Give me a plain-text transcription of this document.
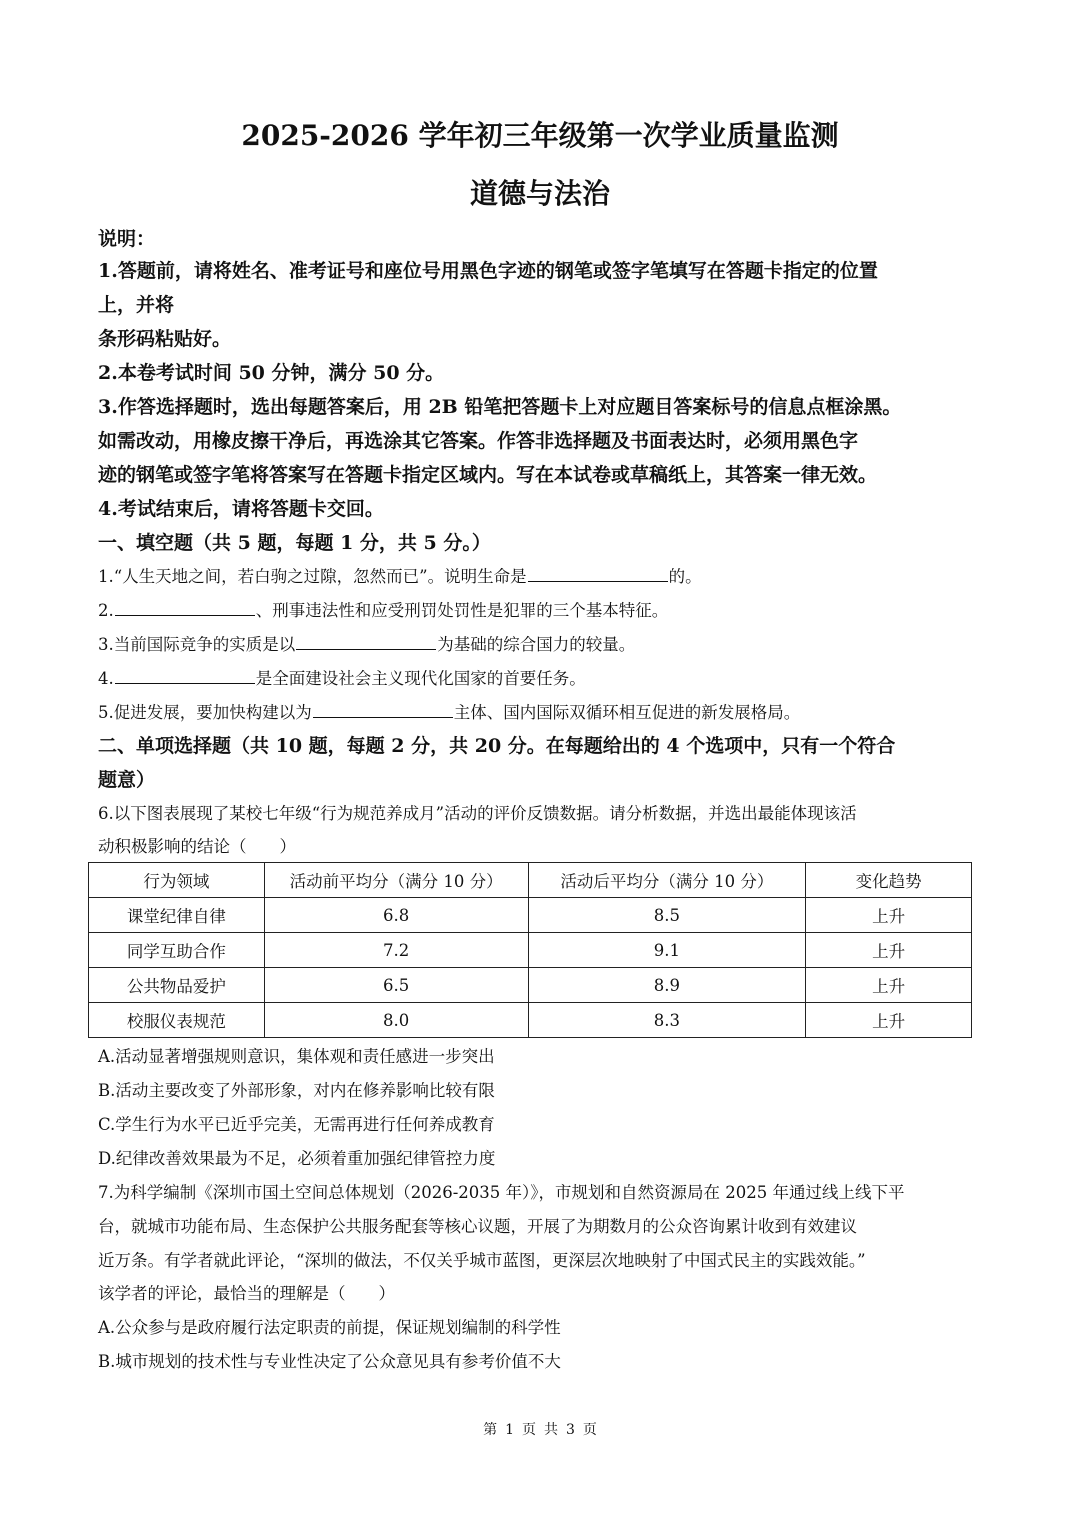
2025-2026 学年初三年级第一次学业质量监测
道德与法治
说明：
1.答题前，请将姓名、准考证号和座位号用黑色字迹的钢笔或签字笔填写在答题卡指定的位置
上，并将
条形码粘贴好。
2.本卷考试时间 50 分钟，满分 50 分。
3.作答选择题时，选出每题答案后，用 2B 铅笔把答题卡上对应题目答案标号的信息点框涂黑。
如需改动，用橡皮擦干净后，再选涂其它答案。作答非选择题及书面表达时，必须用黑色字
迹的钢笔或签字笔将答案写在答题卡指定区域内。写在本试卷或草稿纸上，其答案一律无效。
4.考试结束后，请将答题卡交回。
一、填空题（共 5 题，每题 1 分，共 5 分。）
1.“人生天地之间，若白驹之过隙，忽然而已”。说明生命是	的。
2.	、刑事违法性和应受刑罚处罚性是犯罪的三个基本特征。
3.当前国际竞争的实质是以	为基础的综合国力的较量。
4.	是全面建设社会主义现代化国家的首要任务。
5.促进发展，要加快构建以为	主体、国内国际双循环相互促进的新发展格局。
二、单项选择题（共 10 题，每题 2 分，共 20 分。在每题给出的 4 个选项中，只有一个符合
题意）
6.以下图表展现了某校七年级“行为规范养成月”活动的评价反馈数据。请分析数据，并选出最能体现该活
动积极影响的结论（　　）
行为领域	活动前平均分（满分 10 分）	活动后平均分（满分 10 分）	变化趋势
课堂纪律自律	6.8	8.5	上升
同学互助合作	7.2	9.1	上升
公共物品爱护	6.5	8.9	上升
校服仪表规范	8.0	8.3	上升
A.活动显著增强规则意识，集体观和责任感进一步突出
B.活动主要改变了外部形象，对内在修养影响比较有限
C.学生行为水平已近乎完美，无需再进行任何养成教育
D.纪律改善效果最为不足，必须着重加强纪律管控力度
7.为科学编制《深圳市国土空间总体规划（2026-2035 年）》，市规划和自然资源局在 2025 年通过线上线下平
台，就城市功能布局、生态保护公共服务配套等核心议题，开展了为期数月的公众咨询累计收到有效建议
近万条。有学者就此评论，“深圳的做法，不仅关乎城市蓝图，更深层次地映射了中国式民主的实践效能。”
该学者的评论，最恰当的理解是（　　）
A.公众参与是政府履行法定职责的前提，保证规划编制的科学性
B.城市规划的技术性与专业性决定了公众意见具有参考价值不大
第 1 页 共 3 页
